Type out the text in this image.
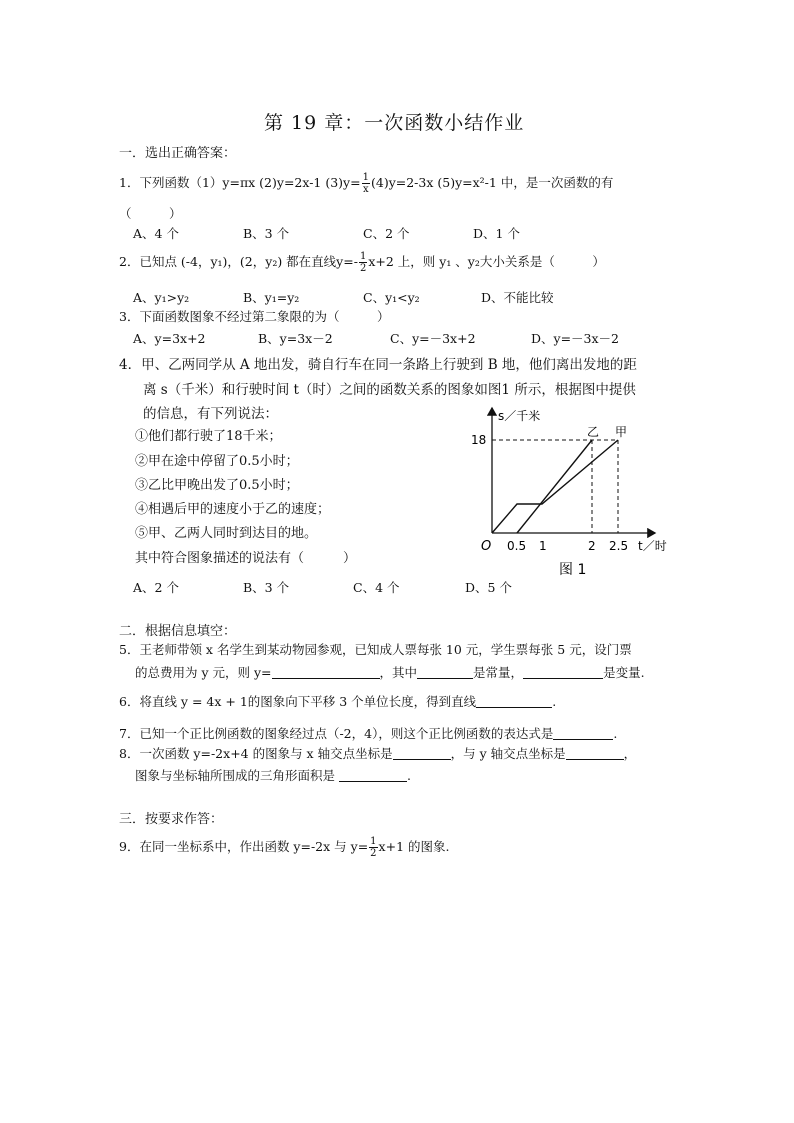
第 19 章：一次函数小结作业
一．选出正确答案：
1．下列函数（1）y=πx (2)y=2x-1 $(3)y= \frac{1}{x} (4)y=2-3x$ (5)y=x²-1 中，是一次函数的有
（　　　）
A、4 个	B、3 个	C、2 个	D、1 个
2．已知点 (-4，y₁)，(2，y₂) 都在直线$y=- \frac{1}{2} x+2$ 上，则 y₁ 、y₂大小关系是（　　　）
A、y₁>y₂	B、y₁=y₂	C、y₁<y₂	D、不能比较
3．下面函数图象不经过第二象限的为（　　　）
A、y=3x+2	B、y=3x－2	C、y=－3x+2	D、y=－3x－2
4．甲、乙两同学从 A 地出发，骑自行车在同一条路上行驶到 B 地，他们离出发地的距
离 s（千米）和行驶时间 t（时）之间的函数关系的图象如图1 所示，根据图中提供
的信息，有下列说法：
①他们都行驶了18千米；
②甲在途中停留了0.5小时；
③乙比甲晚出发了0.5小时；
④相遇后甲的速度小于乙的速度；
⑤甲、乙两人同时到达目的地。
其中符合图象描述的说法有（　　　）
A、2 个	B、3 个	C、4 个	D、5 个
s／千米
18
O 0.5 1	2 2.5 t／时
乙 甲
图 1
二．根据信息填空：
5．王老师带领 x 名学生到某动物园参观，已知成人票每张 10 元，学生票每张 5 元，设门票
的总费用为 y 元，则 y=	，其中	是常量，	是变量.
6．将直线 y = 4x + 1的图象向下平移 3 个单位长度，得到直线	.
7．已知一个正比例函数的图象经过点（-2，4），则这个正比例函数的表达式是	.
8．一次函数 y=-2x+4 的图象与 x 轴交点坐标是	，与 y 轴交点坐标是	，
图象与坐标轴所围成的三角形面积是	.
三．按要求作答：
9．在同一坐标系中，作出函数 y=-2x 与 $y= \frac{1}{2} x+1$ 的图象.
